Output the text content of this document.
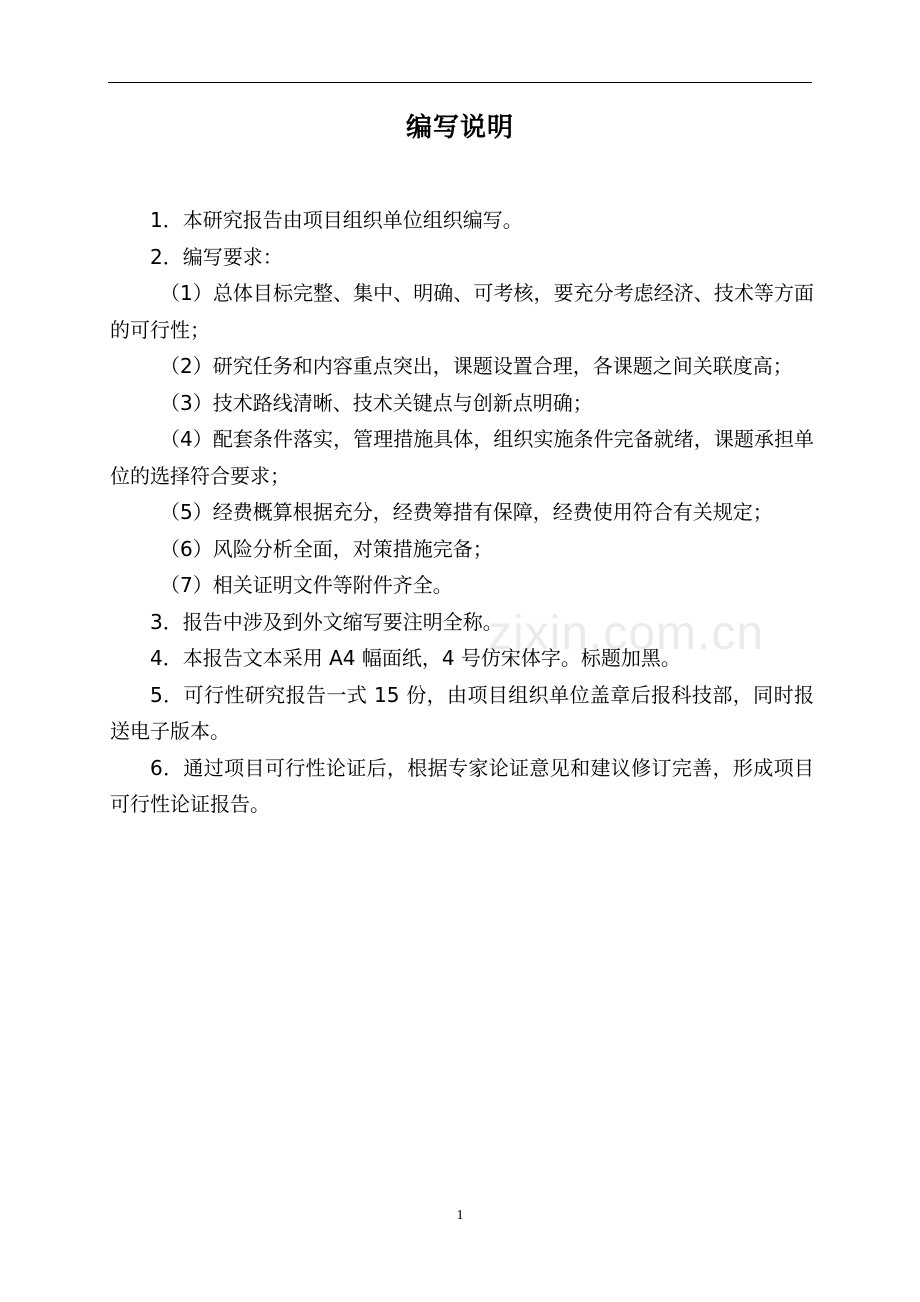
编写说明

1．本研究报告由项目组织单位组织编写。

2．编写要求：

（1）总体目标完整、集中、明确、可考核，要充分考虑经济、技术等方面的可行性；

（2）研究任务和内容重点突出，课题设置合理，各课题之间关联度高；

（3）技术路线清晰、技术关键点与创新点明确；

（4）配套条件落实，管理措施具体，组织实施条件完备就绪，课题承担单位的选择符合要求；

（5）经费概算根据充分，经费筹措有保障，经费使用符合有关规定；

（6）风险分析全面，对策措施完备；

（7）相关证明文件等附件齐全。

3．报告中涉及到外文缩写要注明全称。

4．本报告文本采用 A4 幅面纸，4 号仿宋体字。标题加黑。

5．可行性研究报告一式 15 份，由项目组织单位盖章后报科技部，同时报送电子版本。

6．通过项目可行性论证后，根据专家论证意见和建议修订完善，形成项目可行性论证报告。

zixin.com.cn
1
